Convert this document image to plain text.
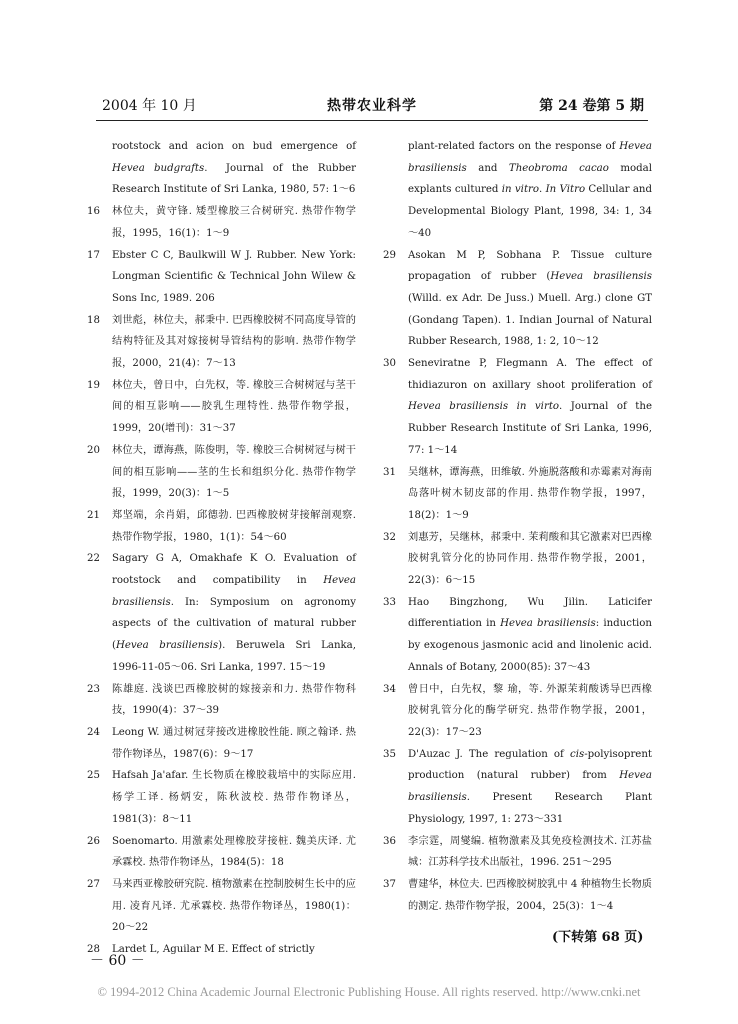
2004 年 10 月	热带农业科学	第 24 卷第 5 期
rootstock and acion on bud emergence of Hevea budgrafts.  Journal of the Rubber Research Institute of Sri Lanka, 1980, 57: 1～6
16 林位夫，黄守锋. 矮型橡胶三合树研究. 热带作物学报，1995，16(1)：1～9
17 Ebster C C, Baulkwill W J. Rubber. New York: Longman Scientific & Technical John Wilew & Sons Inc, 1989. 206
18 刘世彪，林位夫，郝秉中. 巴西橡胶树不同高度导管的结构特征及其对嫁接树导管结构的影响. 热带作物学报，2000，21(4)：7～13
19 林位夫，曾日中，白先权，等. 橡胶三合树树冠与茎干间的相互影响——胶乳生理特性. 热带作物学报，1999，20(增刊)：31～37
20 林位夫，谭海燕，陈俊明，等. 橡胶三合树树冠与树干间的相互影响——茎的生长和组织分化. 热带作物学报，1999，20(3)：1～5
21 郑坚端，余肖娟，邱德勃. 巴西橡胶树芽接解剖观察. 热带作物学报，1980，1(1)：54～60
22 Sagary G A, Omakhafe K O. Evaluation of rootstock and compatibility in Hevea brasiliensis. In: Symposium on agronomy aspects of the cultivation of matural rubber (Hevea brasiliensis). Beruwela Sri Lanka, 1996-11-05～06. Sri Lanka, 1997. 15～19
23 陈雄庭. 浅谈巴西橡胶树的嫁接亲和力. 热带作物科技，1990(4)：37～39
24 Leong W. 通过树冠芽接改进橡胶性能. 顾之翰译. 热带作物译丛，1987(6)：9～17
25 Hafsah Ja'afar. 生长物质在橡胶栽培中的实际应用. 杨学工译. 杨炳安，陈秋波校. 热带作物译丛，1981(3)：8～11
26 Soenomarto. 用激素处理橡胶芽接桩. 魏美庆译. 尤承霖校. 热带作物译丛，1984(5)：18
27 马来西亚橡胶研究院. 植物激素在控制胶树生长中的应用. 凌育凡译. 尤承霖校. 热带作物译丛，1980(1)：20～22
28 Lardet L, Aguilar M E. Effect of strictly
plant-related factors on the response of Hevea brasiliensis and Theobroma cacao modal explants cultured in vitro. In Vitro Cellular and Developmental Biology Plant, 1998, 34: 1, 34～40
29 Asokan M P, Sobhana P. Tissue culture propagation of rubber (Hevea brasiliensis (Willd. ex Adr. De Juss.) Muell. Arg.) clone GT (Gondang Tapen). 1. Indian Journal of Natural Rubber Research, 1988, 1: 2, 10～12
30 Seneviratne P, Flegmann A. The effect of thidiazuron on axillary shoot proliferation of Hevea brasiliensis in virto. Journal of the Rubber Research Institute of Sri Lanka, 1996, 77: 1～14
31 吴继林，谭海燕，田维敏. 外施脱落酸和赤霉素对海南岛落叶树木韧皮部的作用. 热带作物学报，1997，18(2)：1～9
32 刘惠芳，吴继林，郝秉中. 茉莉酸和其它激素对巴西橡胶树乳管分化的协同作用. 热带作物学报，2001，22(3)：6～15
33 Hao Bingzhong, Wu Jilin. Laticifer differentiation in Hevea brasiliensis: induction by exogenous jasmonic acid and linolenic acid. Annals of Botany, 2000(85): 37～43
34 曾日中，白先权，黎 瑜，等. 外源茉莉酸诱导巴西橡胶树乳管分化的酶学研究. 热带作物学报，2001，22(3)：17～23
35 D'Auzac J. The regulation of cis-polyisoprent production (natural rubber) from Hevea brasiliensis. Present Research Plant Physiology, 1997, 1: 273～331
36 李宗霆，周燮编. 植物激素及其免疫检测技术. 江苏盐城：江苏科学技术出版社，1996. 251～295
37 曹建华，林位夫. 巴西橡胶树胶乳中 4 种植物生长物质的测定. 热带作物学报，2004，25(3)：1～4
(下转第 68 页)
－ 60 －
© 1994-2012 China Academic Journal Electronic Publishing House. All rights reserved. http://www.cnki.net
